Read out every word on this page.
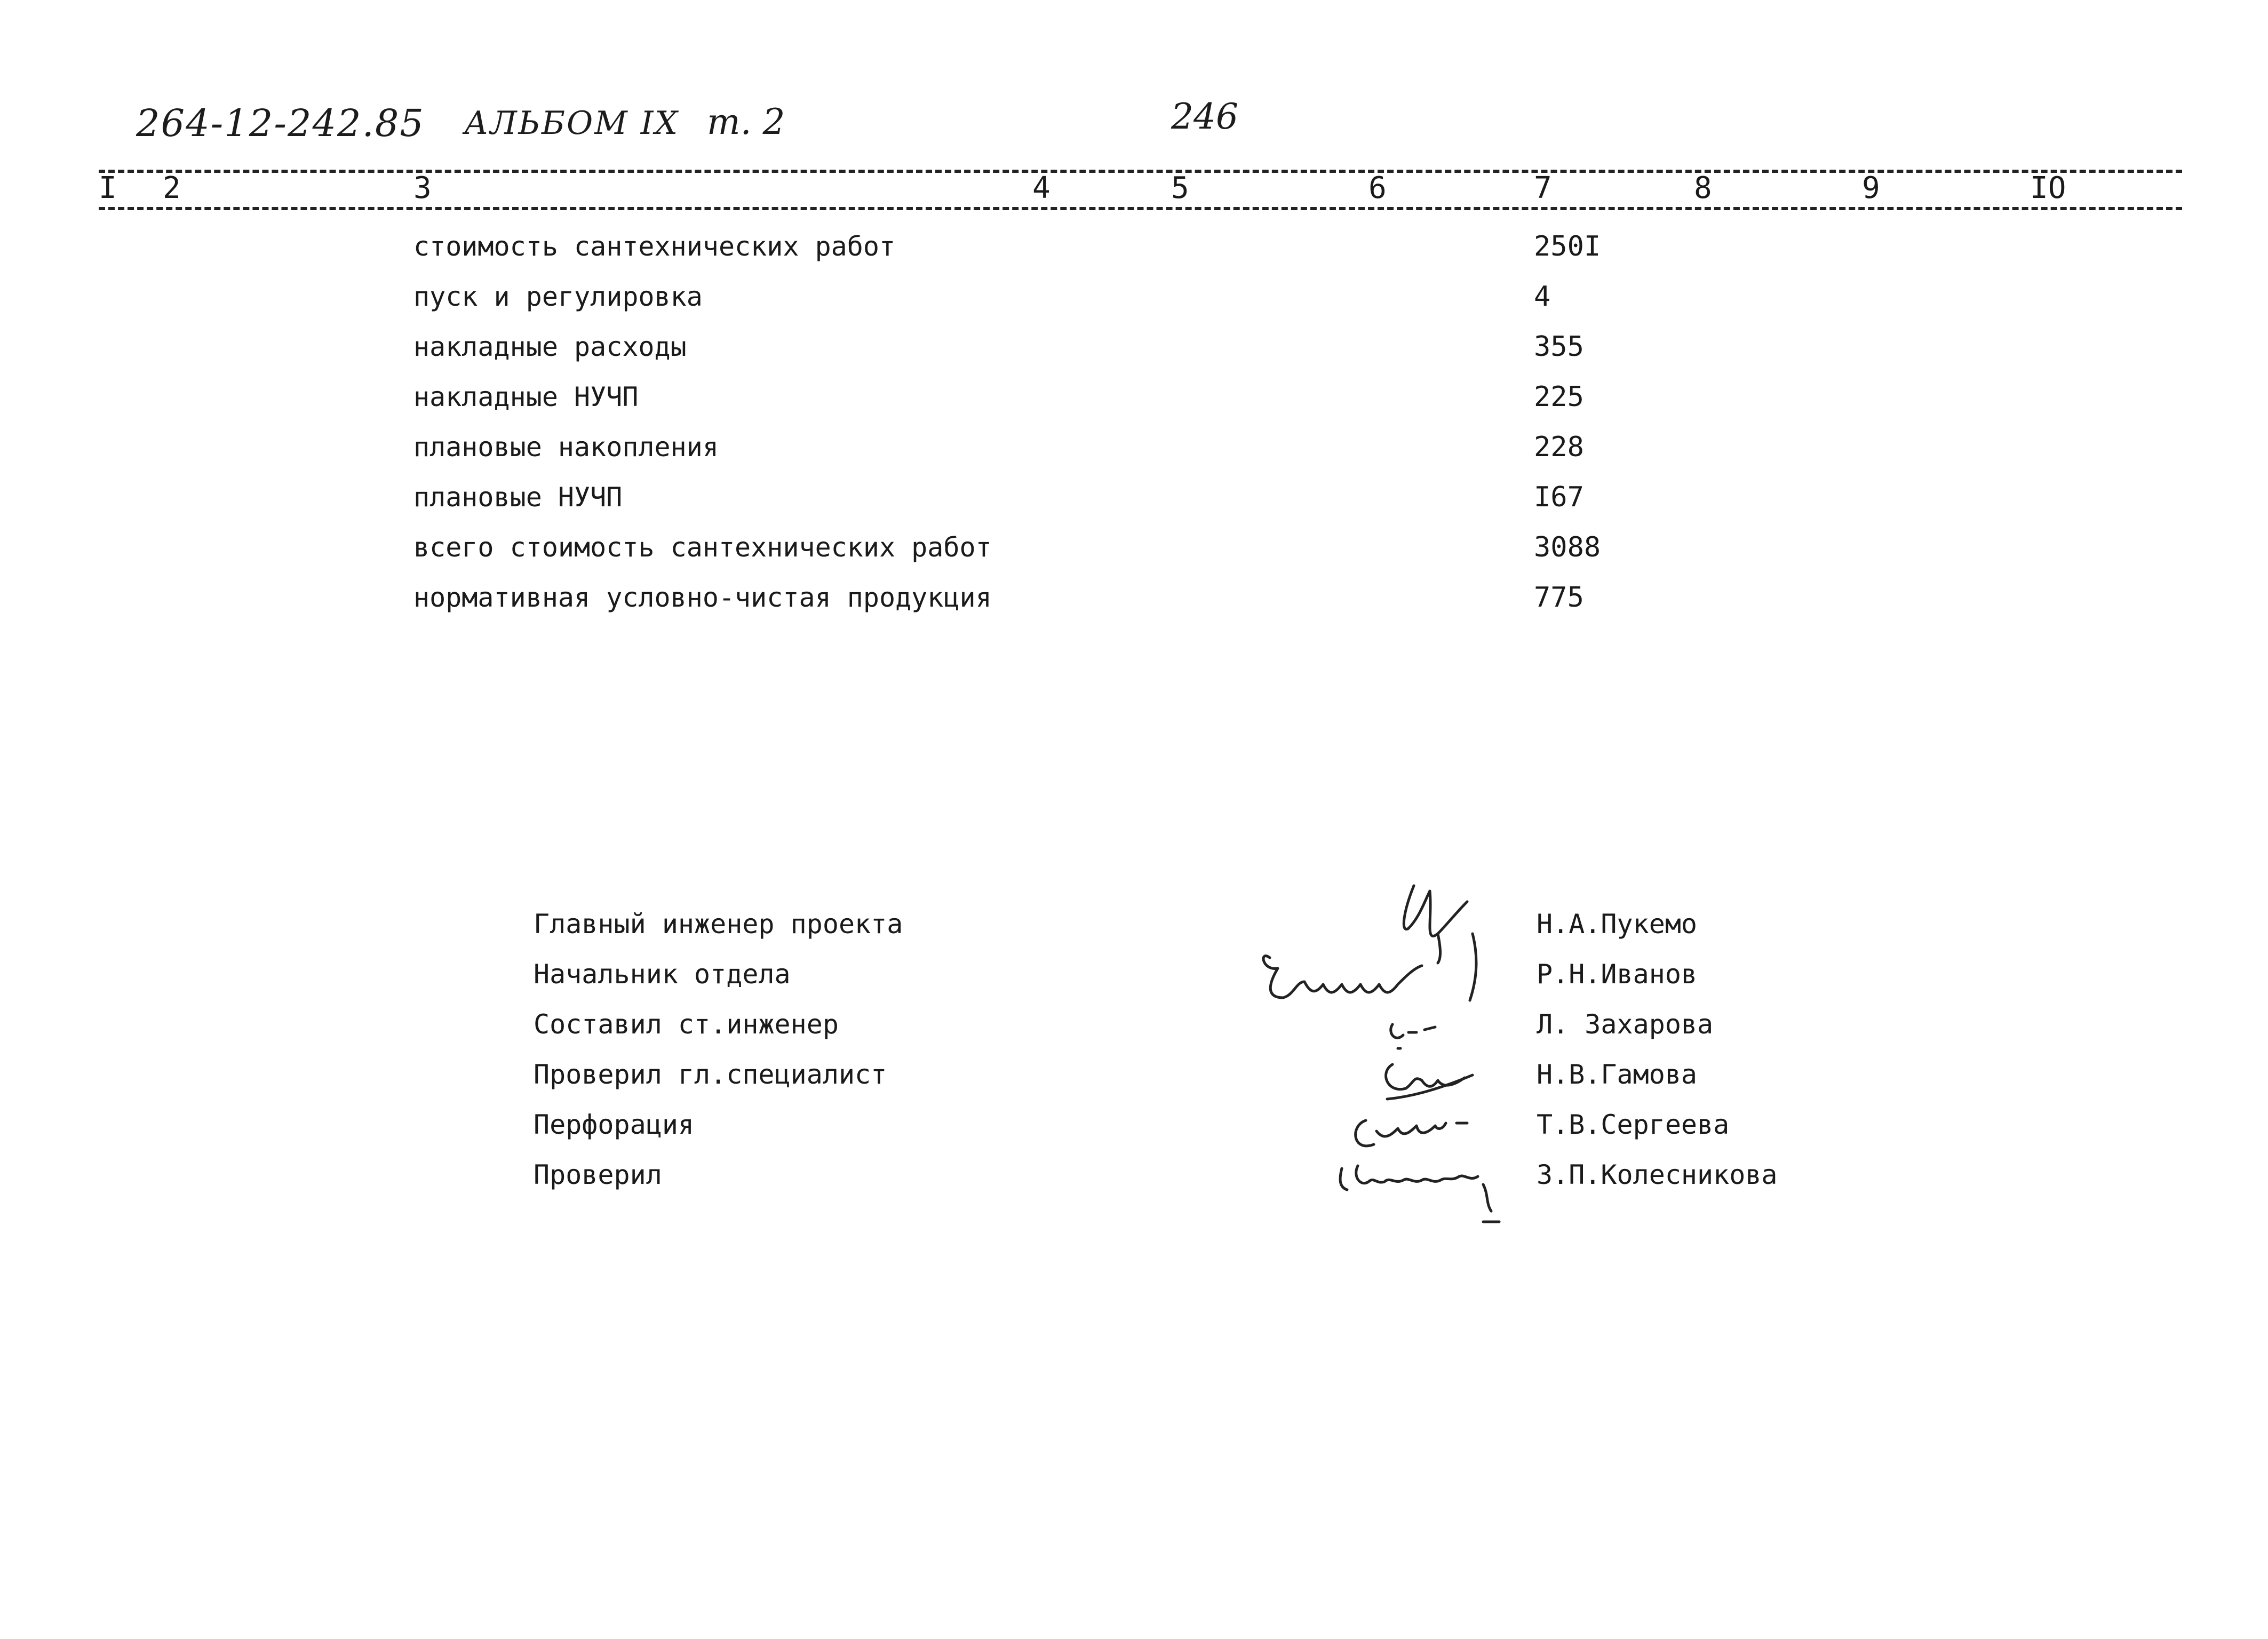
264-12-242.85 АЛЬБОМ IX т. 2	246
I 2	3	4	5	6	7	8	9	IO
стоимость сантехнических работ	250I
пуск и регулировка	4
накладные расходы	355
накладные НУЧП	225
плановые накопления	228
плановые НУЧП	I67
всего стоимость сантехнических работ	3088
нормативная условно-чистая продукция	775
Главный инженер проекта	Н.А.Пукемо
Начальник отдела	Р.Н.Иванов
Составил ст.инженер	Л. Захарова
Проверил гл.специалист	Н.В.Гамова
Перфорация	Т.В.Сергеева
Проверил	З.П.Колесникова
